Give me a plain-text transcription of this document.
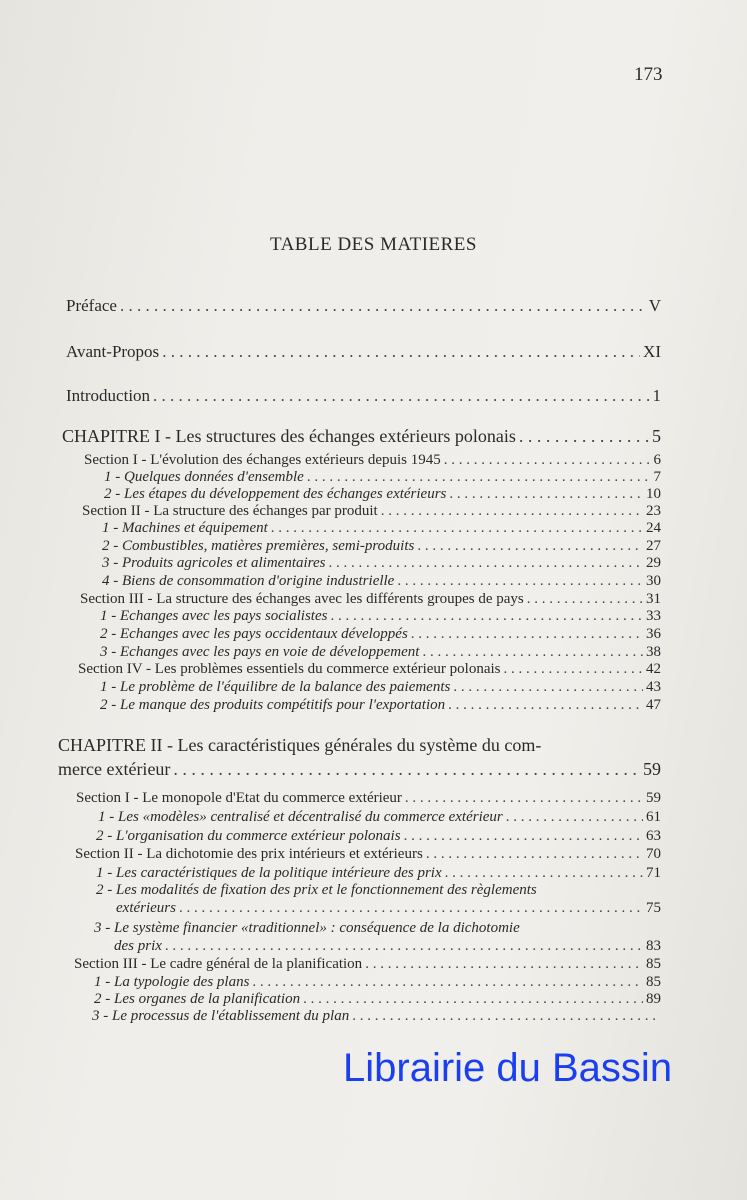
173
TABLE DES MATIERES
Préface . . .	V
Avant-Propos . . .	XI
Introduction . . .	1
CHAPITRE I - Les structures des échanges extérieurs polonais . . .	5
Section I - L'évolution des échanges extérieurs depuis 1945 . . .	6
1 - Quelques données d'ensemble . . .	7
2 - Les étapes du développement des échanges extérieurs . . .	10
Section II - La structure des échanges par produit . . .	23
1 - Machines et équipement . . .	24
2 - Combustibles, matières premières, semi-produits . . .	27
3 - Produits agricoles et alimentaires . . .	29
4 - Biens de consommation d'origine industrielle . . .	30
Section III - La structure des échanges avec les différents groupes de pays . . .	31
1 - Echanges avec les pays socialistes . . .	33
2 - Echanges avec les pays occidentaux développés . . .	36
3 - Echanges avec les pays en voie de développement . . .	38
Section IV - Les problèmes essentiels du commerce extérieur polonais . . .	42
1 - Le problème de l'équilibre de la balance des paiements . . .	43
2 - Le manque des produits compétitifs pour l'exportation . . .	47
CHAPITRE II - Les caractéristiques générales du système du com-
merce extérieur . . .	59
Section I - Le monopole d'Etat du commerce extérieur . . .	59
1 - Les «modèles» centralisé et décentralisé du commerce extérieur . . .	61
2 - L'organisation du commerce extérieur polonais . . .	63
Section II - La dichotomie des prix intérieurs et extérieurs . . .	70
1 - Les caractéristiques de la politique intérieure des prix . . .	71
2 - Les modalités de fixation des prix et le fonctionnement des règlements
extérieurs . . .	75
3 - Le système financier «traditionnel» : conséquence de la dichotomie
des prix . . .	83
Section III - Le cadre général de la planification . . .	85
1 - La typologie des plans . . .	85
2 - Les organes de la planification . . .	89
3 - Le processus de l'établissement du plan
. . .
Librairie du Bassin
